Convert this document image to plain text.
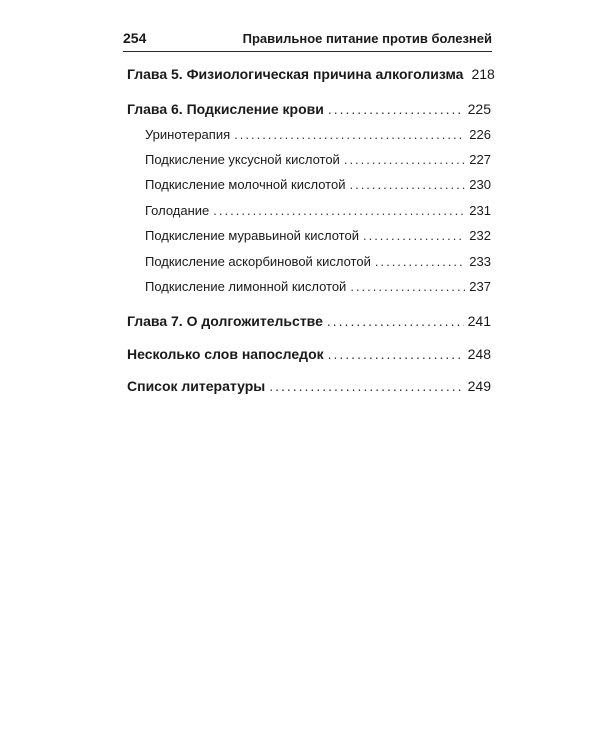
254	Правильное питание против болезней
Глава 5. Физиологическая причина алкоголизма 218
Глава 6. Подкисление крови .....	225
Уринотерапия .....	226
Подкисление уксусной кислотой .....	227
Подкисление молочной кислотой .....	230
Голодание .....	231
Подкисление муравьиной кислотой .....	232
Подкисление аскорбиновой кислотой .....	233
Подкисление лимонной кислотой .....	237
Глава 7. О долгожительстве .....	241
Несколько слов напоследок .....	248
Список литературы .....	249
